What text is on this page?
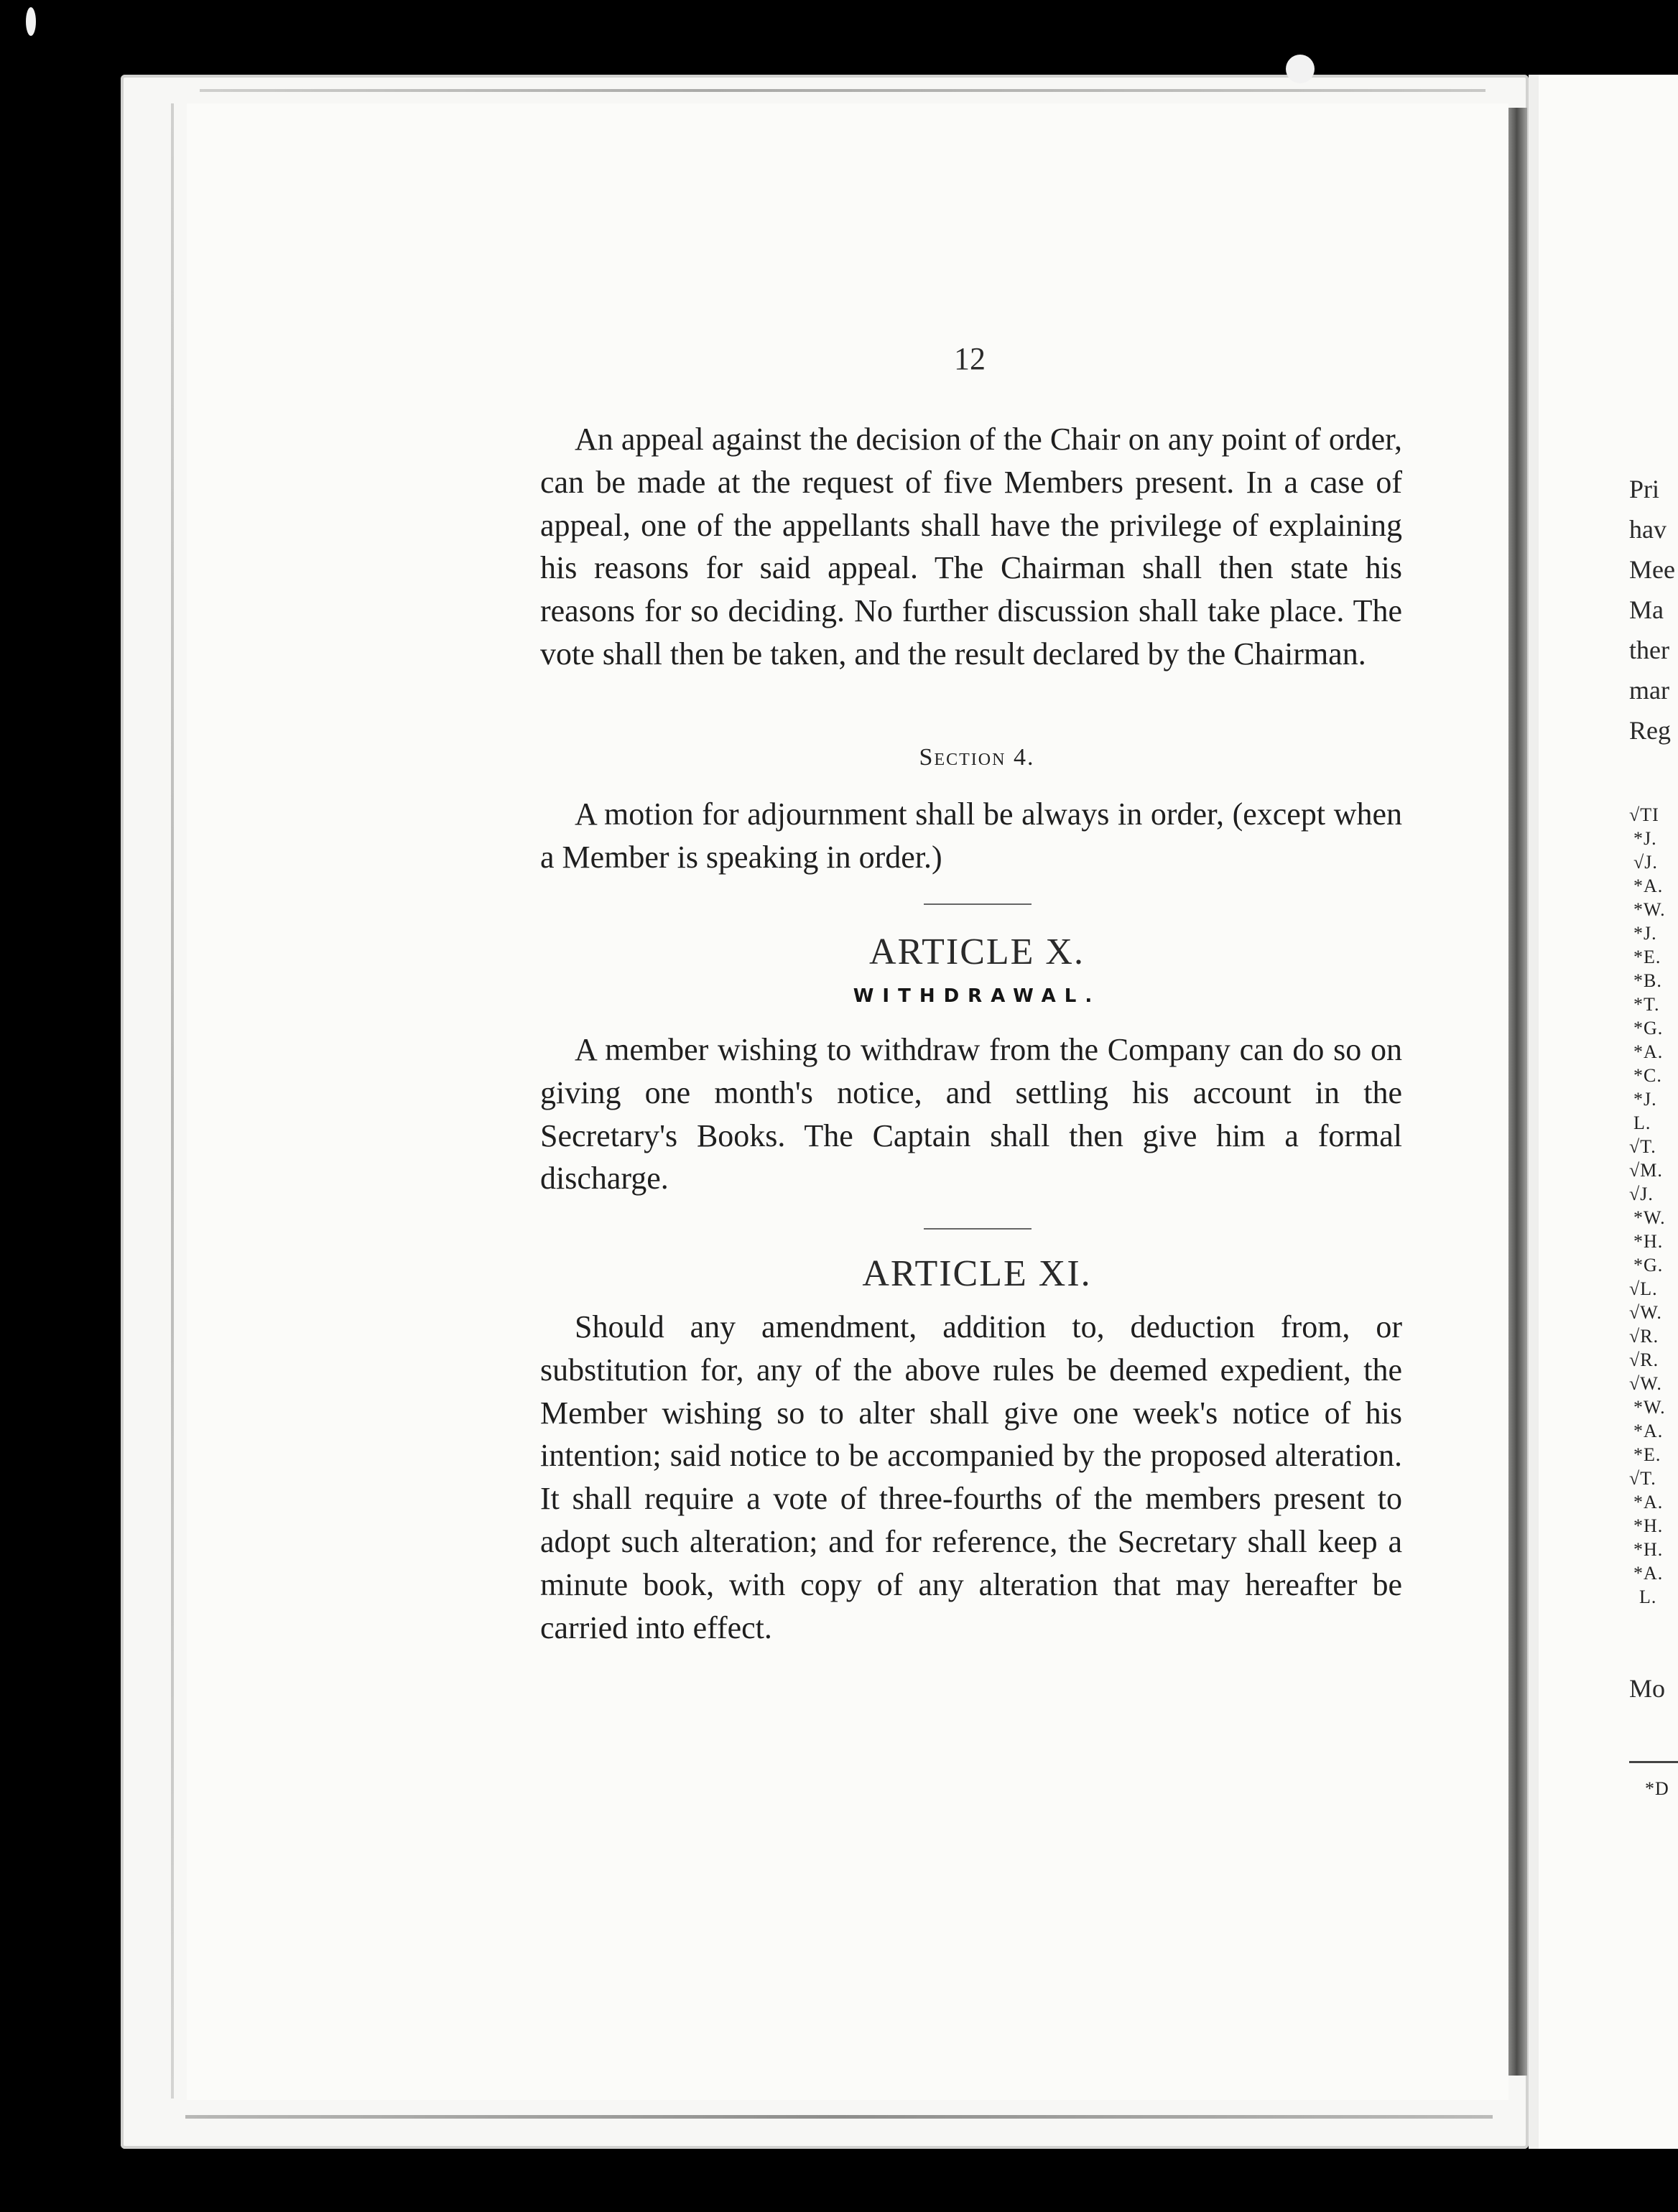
12

An appeal against the decision of the Chair on any point of order, can be made at the request of five Members present. In a case of appeal, one of the appellants shall have the privilege of explaining his reasons for said appeal. The Chairman shall then state his reasons for so deciding. No further discussion shall take place. The vote shall then be taken, and the result declared by the Chairman.

Section 4.

A motion for adjournment shall be always in order, (except when a Member is speaking in order.)

ARTICLE X.
WITHDRAWAL.

A member wishing to withdraw from the Company can do so on giving one month's notice, and settling his account in the Secretary's Books. The Captain shall then give him a formal discharge.

ARTICLE XI.

Should any amendment, addition to, deduction from, or substitution for, any of the above rules be deemed expedient, the Member wishing so to alter shall give one week's notice of his intention; said notice to be accompanied by the proposed alteration. It shall require a vote of three-fourths of the members present to adopt such alteration; and for reference, the Secretary shall keep a minute book, with copy of any alteration that may hereafter be carried into effect.

Pri
hav
Mee
Ma
ther
mar
Reg
√TI
*J.
√J.
*A.
*W.
*J.
*E.
*B.
*T.
*G.
*A.
*C.
*J.
L.
√T.
√M.
√J.
*W.
*H.
*G.
√L.
√W.
√R.
√R.
√W.
*W.
*A.
*E.
√T.
*A.
*H.
*H.
*A.
L.
Mo
*D
